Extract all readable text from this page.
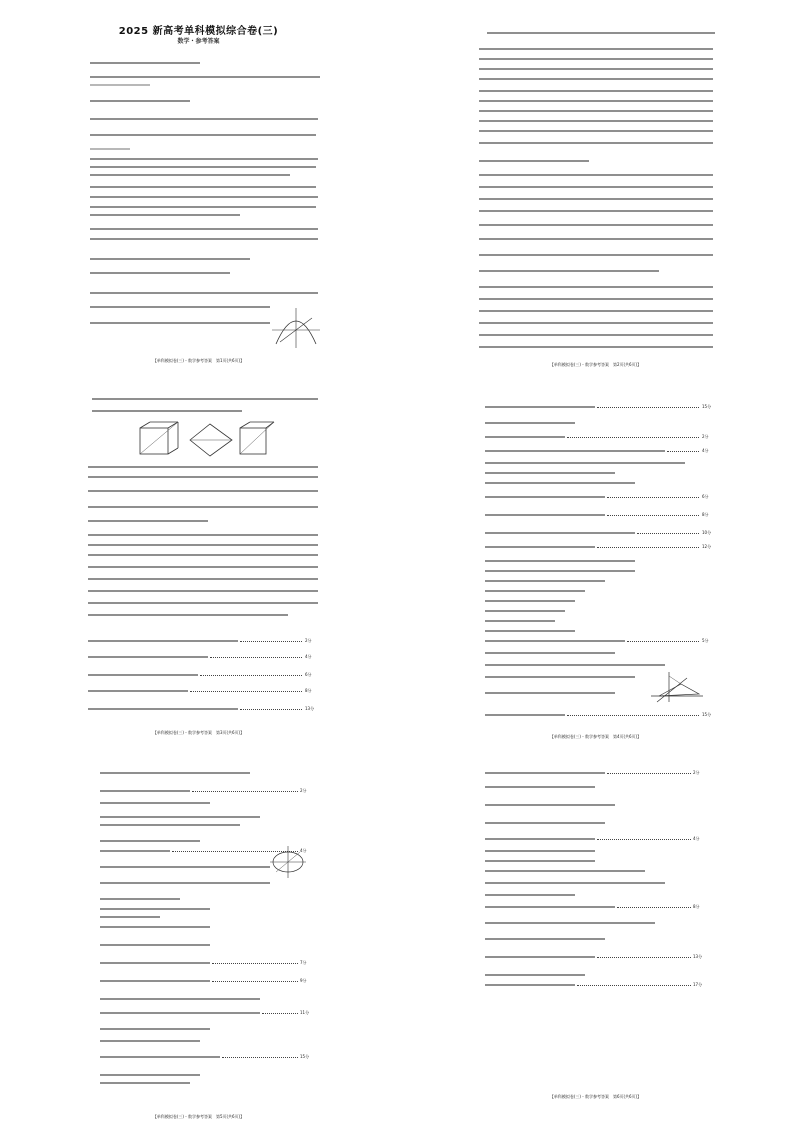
2025 新高考单科模拟综合卷(三)
数学・参考答案
【单科模拟卷(三)・数学参考答案　第1页(共6页)】
【单科模拟卷(三)・数学参考答案　第2页(共6页)】
2分
4分
6分
8分
13分
【单科模拟卷(三)・数学参考答案　第3页(共6页)】
15分
2分
4分
6分
8分
10分
12分
5分
15分
【单科模拟卷(三)・数学参考答案　第4页(共6页)】
2分
4分
7分
9分
11分
15分
【单科模拟卷(三)・数学参考答案　第5页(共6页)】
2分
4分
8分
13分
17分
【单科模拟卷(三)・数学参考答案　第6页(共6页)】
